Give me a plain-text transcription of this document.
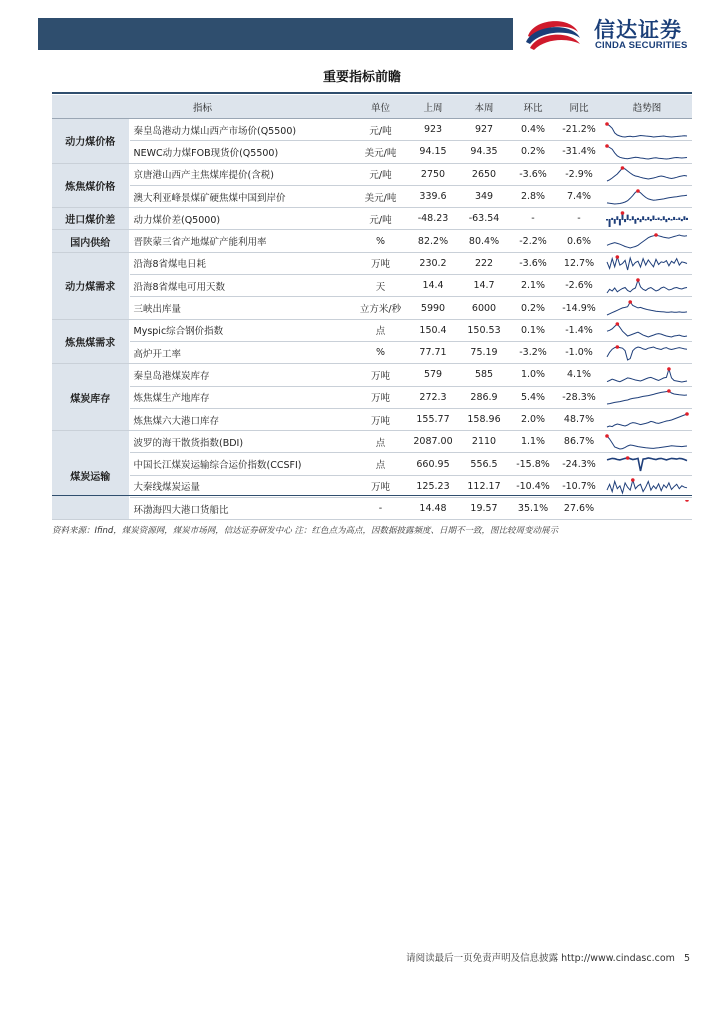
信达证券
CINDA SECURITIES
重要指标前瞻
指标		单位	上周	本周	环比	同比	趋势图
动力煤价格	秦皇岛港动力煤山西产市场价(Q5500)	元/吨	923	927	0.4%	-21.2%	

	NEWC动力煤FOB现货价(Q5500)	美元/吨	94.15	94.35	0.2%	-31.4%	

炼焦煤价格	京唐港山西产主焦煤库提价(含税)	元/吨	2750	2650	-3.6%	-2.9%	

	澳大利亚峰景煤矿硬焦煤中国到岸价	美元/吨	339.6	349	2.8%	7.4%	

进口煤价差	动力煤价差(Q5000)	元/吨	-48.23	-63.54	-	-	

国内供给	晋陕蒙三省产地煤矿产能利用率	%	82.2%	80.4%	-2.2%	0.6%	

动力煤需求	沿海8省煤电日耗	万吨	230.2	222	-3.6%	12.7%	

	沿海8省煤电可用天数	天	14.4	14.7	2.1%	-2.6%	

	三峡出库量	立方米/秒	5990	6000	0.2%	-14.9%	

炼焦煤需求	Myspic综合钢价指数	点	150.4	150.53	0.1%	-1.4%	

	高炉开工率	%	77.71	75.19	-3.2%	-1.0%	

煤炭库存	秦皇岛港煤炭库存	万吨	579	585	1.0%	4.1%	

	炼焦煤生产地库存	万吨	272.3	286.9	5.4%	-28.3%	

	炼焦煤六大港口库存	万吨	155.77	158.96	2.0%	48.7%	

煤炭运输	波罗的海干散货指数(BDI)	点	2087.00	2110	1.1%	86.7%	

	中国长江煤炭运输综合运价指数(CCSFI)	点	660.95	556.5	-15.8%	-24.3%	

	大秦线煤炭运量	万吨	125.23	112.17	-10.4%	-10.7%	

	环渤海四大港口货船比	-	14.48	19.57	35.1%	27.6%	
资料来源：Ifind，煤炭资源网，煤炭市场网，信达证券研发中心 注：红色点为高点，因数据披露频度、日期不一致，图比较周变动展示
请阅读最后一页免责声明及信息披露 http://www.cindasc.com 5
